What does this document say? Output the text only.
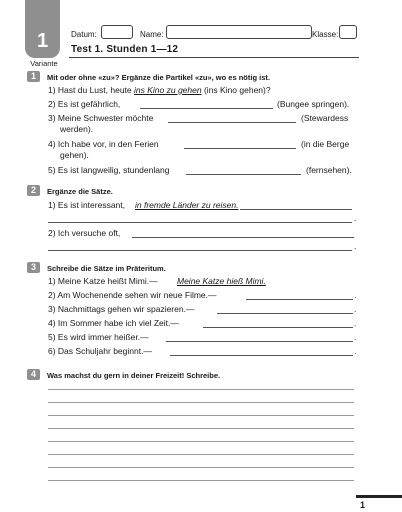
1
Variante
Datum:	Name:	Klasse:
Test 1. Stunden 1—12
1	Mit oder ohne «zu»? Ergänze die Partikel «zu», wo es nötig ist.
1) Hast du Lust, heute ins Kino zu gehen (ins Kino gehen)?
2) Es ist gefährlich,	(Bungee springen).
3) Meine Schwester möchte	(Stewardess
werden).
4) Ich habe vor, in den Ferien	(in die Berge
gehen).
5) Es ist langweilig, stundenlang	(fernsehen).
2	Ergänze die Sätze.
1) Es ist interessant, in fremde Länder zu reisen.
.
2) Ich versuche oft,
.
3	Schreibe die Sätze im Präteritum.
1) Meine Katze heißt Mimi.— Meine Katze hieß Mimi.
2) Am Wochenende sehen wir neue Filme.—	.
3) Nachmittags gehen wir spazieren.—	.
4) Im Sommer habe ich viel Zeit.—	.
5) Es wird immer heißer.—	.
6) Das Schuljahr beginnt.—	.
4	Was machst du gern in deiner Freizeit! Schreibe.
1
